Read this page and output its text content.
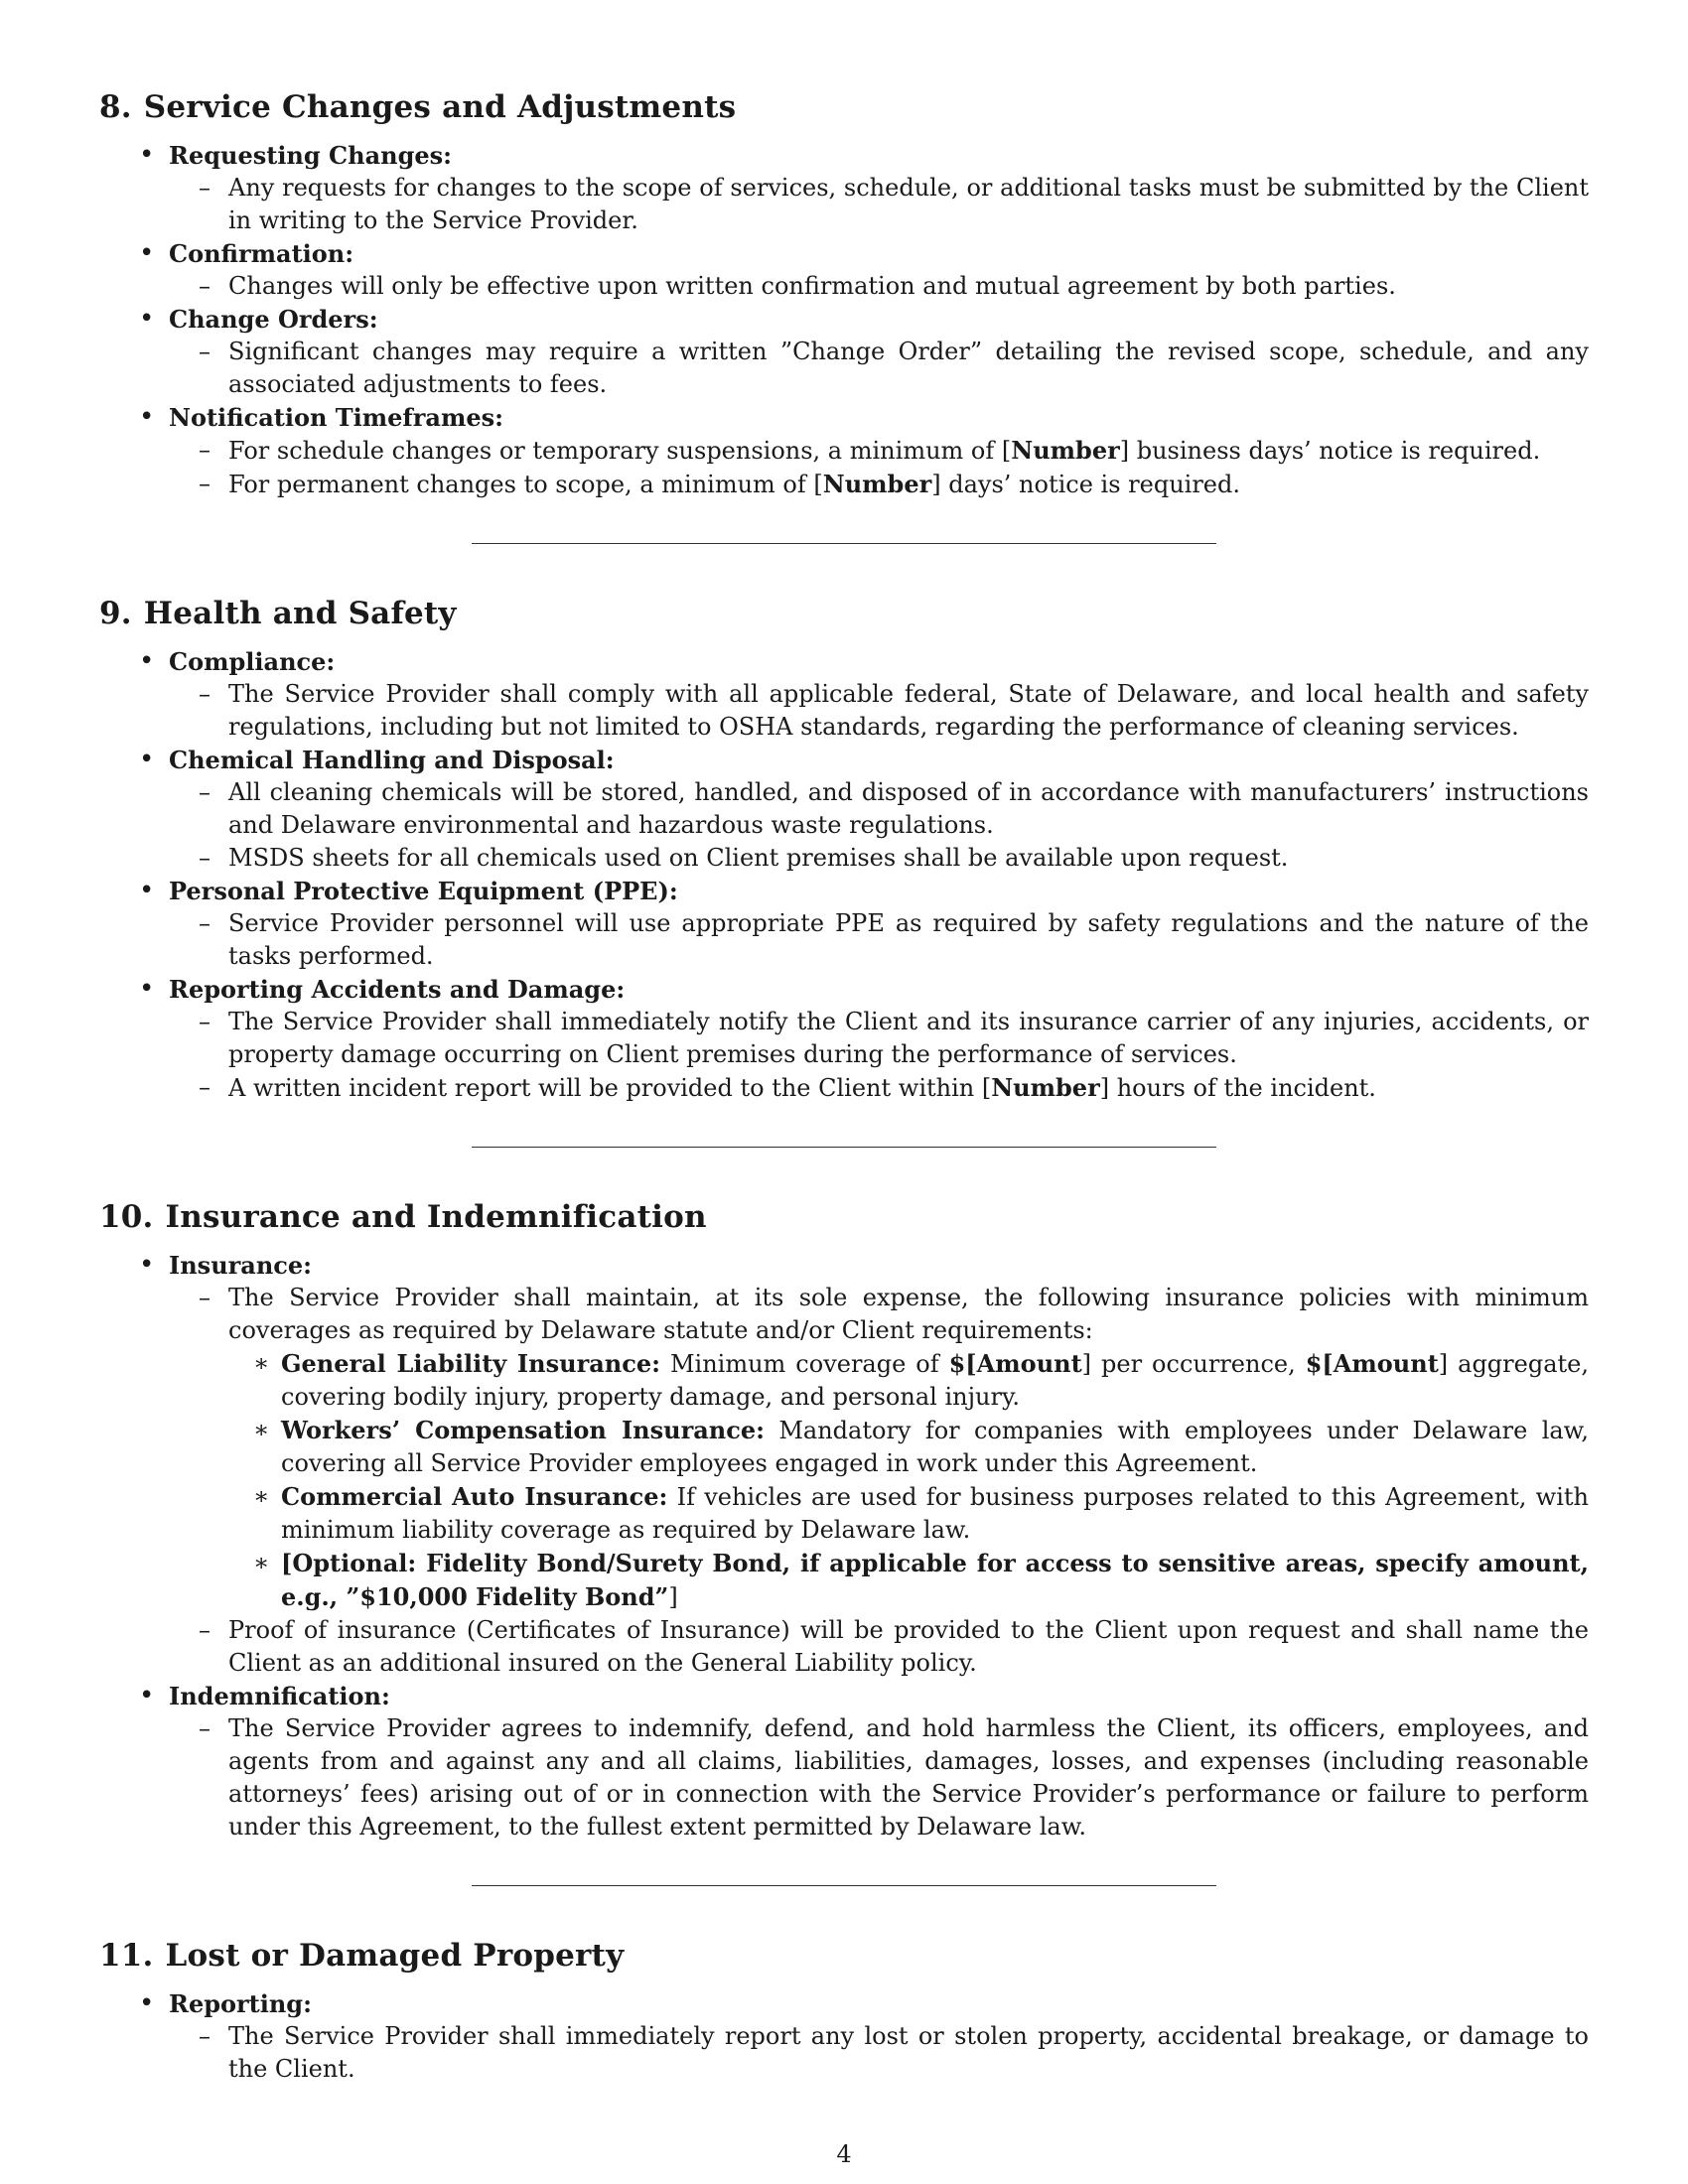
8. Service Changes and Adjustments
• Requesting Changes:
– Any requests for changes to the scope of services, schedule, or additional tasks must be submitted by the Client in writing to the Service Provider.
• Confirmation:
– Changes will only be effective upon written confirmation and mutual agreement by both parties.
• Change Orders:
– Significant changes may require a written ”Change Order” detailing the revised scope, schedule, and any associated adjustments to fees.
• Notification Timeframes:
– For schedule changes or temporary suspensions, a minimum of [Number] business days’ notice is required.
– For permanent changes to scope, a minimum of [Number] days’ notice is required.
9. Health and Safety
• Compliance:
– The Service Provider shall comply with all applicable federal, State of Delaware, and local health and safety regulations, including but not limited to OSHA standards, regarding the performance of cleaning services.
• Chemical Handling and Disposal:
– All cleaning chemicals will be stored, handled, and disposed of in accordance with manufacturers’ instructions and Delaware environmental and hazardous waste regulations.
– MSDS sheets for all chemicals used on Client premises shall be available upon request.
• Personal Protective Equipment (PPE):
– Service Provider personnel will use appropriate PPE as required by safety regulations and the nature of the tasks performed.
• Reporting Accidents and Damage:
– The Service Provider shall immediately notify the Client and its insurance carrier of any injuries, accidents, or property damage occurring on Client premises during the performance of services.
– A written incident report will be provided to the Client within [Number] hours of the incident.
10. Insurance and Indemnification
• Insurance:
– The Service Provider shall maintain, at its sole expense, the following insurance policies with minimum coverages as required by Delaware statute and/or Client requirements:
∗ General Liability Insurance: Minimum coverage of $[Amount] per occurrence, $[Amount] aggregate, covering bodily injury, property damage, and personal injury.
∗ Workers’ Compensation Insurance: Mandatory for companies with employees under Delaware law, covering all Service Provider employees engaged in work under this Agreement.
∗ Commercial Auto Insurance: If vehicles are used for business purposes related to this Agreement, with minimum liability coverage as required by Delaware law.
∗ [Optional: Fidelity Bond/Surety Bond, if applicable for access to sensitive areas, specify amount, e.g., ”$10,000 Fidelity Bond”]
– Proof of insurance (Certificates of Insurance) will be provided to the Client upon request and shall name the Client as an additional insured on the General Liability policy.
• Indemnification:
– The Service Provider agrees to indemnify, defend, and hold harmless the Client, its officers, employees, and agents from and against any and all claims, liabilities, damages, losses, and expenses (including reasonable attorneys’ fees) arising out of or in connection with the Service Provider’s performance or failure to perform under this Agreement, to the fullest extent permitted by Delaware law.
11. Lost or Damaged Property
• Reporting:
– The Service Provider shall immediately report any lost or stolen property, accidental breakage, or damage to the Client.
4
